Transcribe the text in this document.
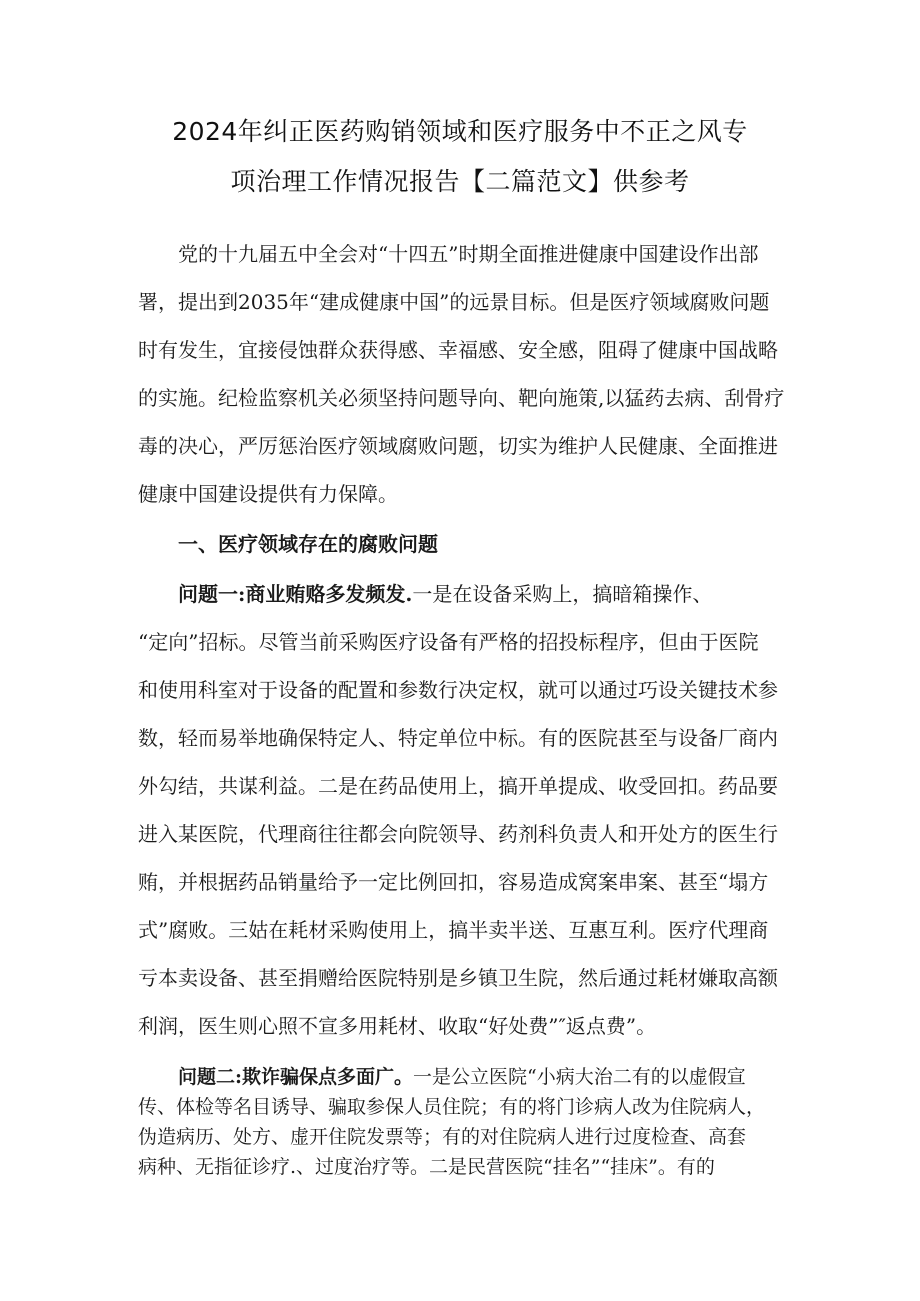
2024年纠正医药购销领域和医疗服务中不正之风专
项治理工作情况报告【二篇范文】供参考
党的十九届五中全会对“十四五”时期全面推进健康中国建设作出部
署，提出到2035年“建成健康中国”的远景目标。但是医疗领域腐败问题
时有发生，宜接侵蚀群众获得感、幸福感、安全感，阻碍了健康中国战略
的实施。纪检监察机关必须坚持问题导向、靶向施策,以猛药去病、刮骨疗
毒的决心，严厉惩治医疗领域腐败问题，切实为维护人民健康、全面推进
健康中国建设提供有力保障。
一、医疗领域存在的腐败问题
问题一:商业贿赂多发频发.一是在设备采购上，搞暗箱操作、
“定向”招标。尽管当前采购医疗设备有严格的招投标程序，但由于医院
和使用科室对于设备的配置和参数行决定权，就可以通过巧设关键技术参
数，轻而易举地确保特定人、特定单位中标。有的医院甚至与设备厂商内
外勾结，共谋利益。二是在药品使用上，搞开单提成、收受回扣。药品要
进入某医院，代理商往往都会向院领导、药剂科负责人和开处方的医生行
贿，并根据药品销量给予一定比例回扣，容易造成窝案串案、甚至“塌方
式”腐败。三姑在耗材采购使用上，搞半卖半送、互惠互利。医疗代理商
亏本卖设备、甚至捐赠给医院特别是乡镇卫生院，然后通过耗材嫌取高额
利润，医生则心照不宣多用耗材、收取“好处费”″返点费”。
问题二:欺诈骗保点多面广。一是公立医院“小病大治二有的以虚假宣
传、体检等名目诱导、骗取参保人员住院；有的将门诊病人改为住院病人，
伪造病历、处方、虚开住院发票等；有的对住院病人进行过度检查、高套
病种、无指征诊疗.、过度治疗等。二是民营医院“挂名”“挂床”。有的
